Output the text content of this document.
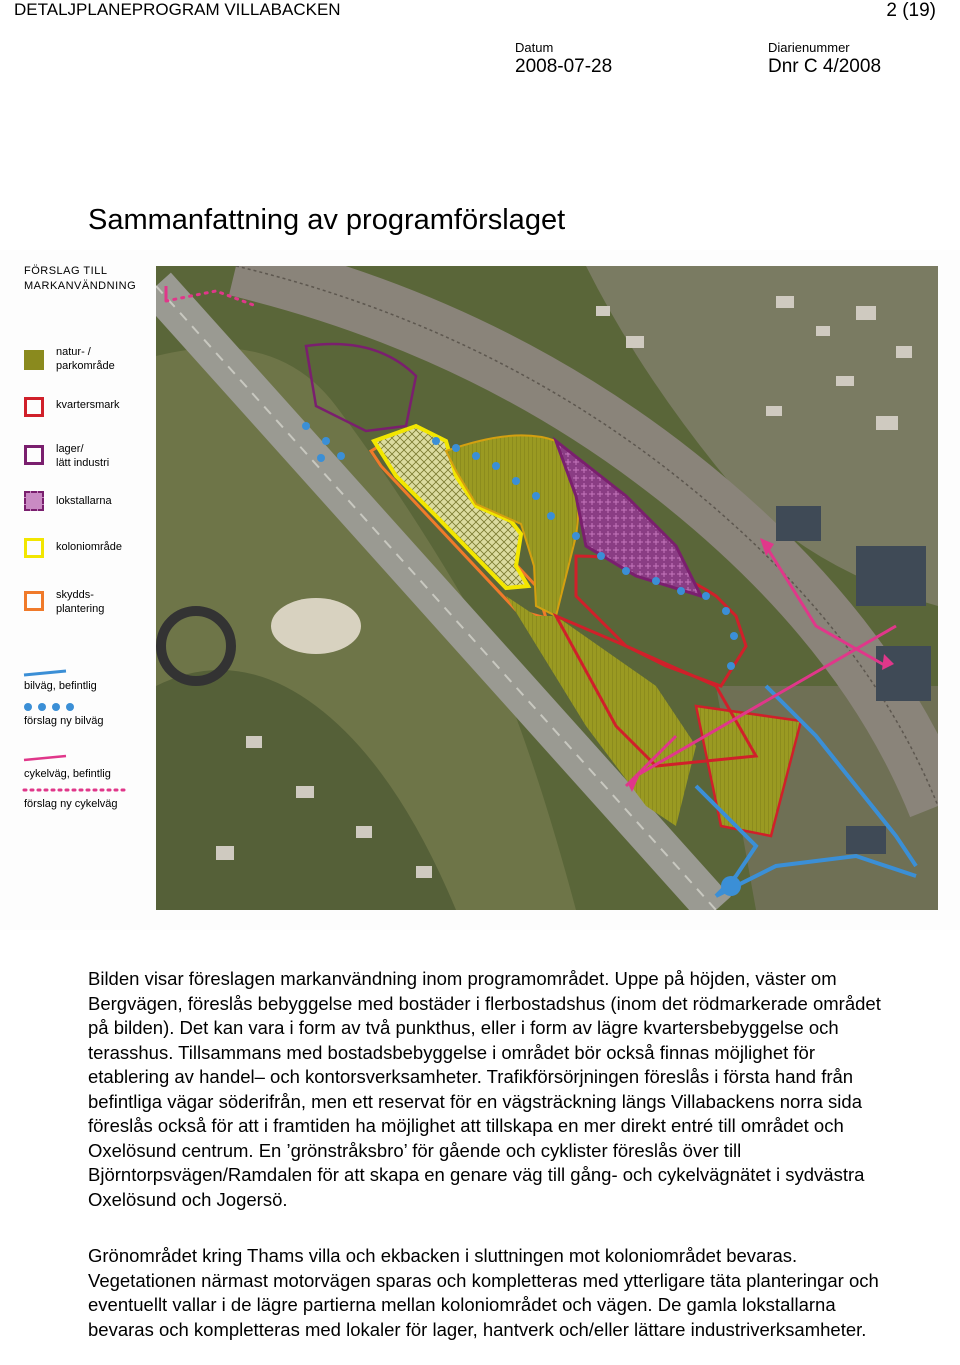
DETALJPLANEPROGRAM VILLABACKEN	2 (19)
Datum
2008-07-28
Diarienummer
Dnr C 4/2008
Sammanfattning av programförslaget
FÖRSLAG TILL
MARKANVÄNDNING
natur- /
parkområde
kvartersmark
lager/
lätt industri
lokstallarna
koloniområde
skydds-
plantering
bilväg, befintlig
förslag ny bilväg
cykelväg, befintlig
förslag ny cykelväg

Bilden visar föreslagen markanvändning inom programområdet. Uppe på höjden, väster om Bergvägen, föreslås bebyggelse med bostäder i flerbostadshus (inom det rödmarkerade området på bilden). Det kan vara i form av två punkthus, eller i form av lägre kvartersbebyggelse och terasshus. Tillsammans med bostadsbebyggelse i området bör också finnas möjlighet för etablering av handel– och kontorsverksamheter. Trafikförsörjningen föreslås i första hand från befintliga vägar söderifrån, men ett reservat för en vägsträckning längs Villabackens norra sida föreslås också för att i framtiden ha möjlighet att tillskapa en mer direkt entré till området och Oxelösund centrum. En ’grönstråksbro’ för gående och cyklister föreslås över till Björntorpsvägen/Ramdalen för att skapa en genare väg till gång- och cykelvägnätet i sydvästra Oxelösund och Jogersö.

Grönområdet kring Thams villa och ekbacken i sluttningen mot koloniområdet bevaras. Vegetationen närmast motorvägen sparas och kompletteras med ytterligare täta planteringar och eventuellt vallar i de lägre partierna mellan koloniområdet och vägen. De gamla lokstallarna bevaras och kompletteras med lokaler för lager, hantverk och/eller lättare industriverksamheter.
